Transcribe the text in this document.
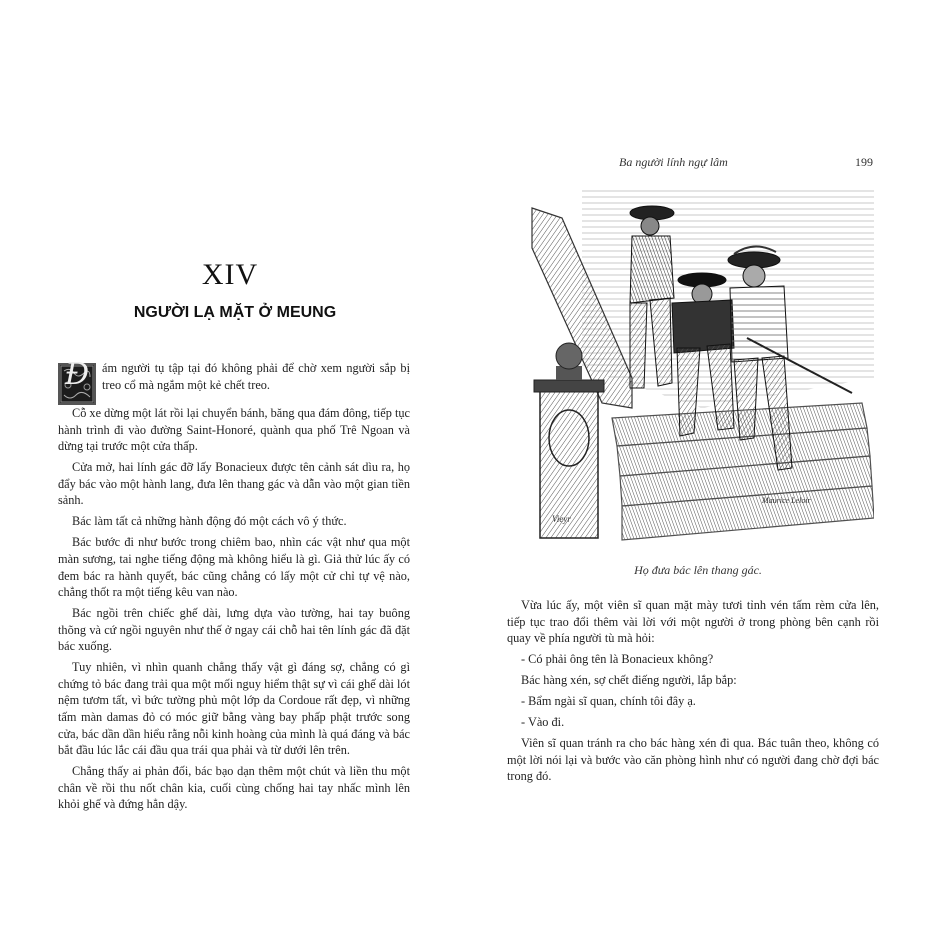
XIV
NGƯỜI LẠ MẶT Ở MEUNG

Đ	ám người tụ tập tại đó không phải để chờ xem người sắp bị treo cổ mà ngắm một kẻ chết treo.

Cỗ xe dừng một lát rồi lại chuyển bánh, băng qua đám đông, tiếp tục hành trình đi vào đường Saint-Honoré, quành qua phố Trê Ngoan và dừng tại trước một cửa thấp.

Cửa mở, hai lính gác đỡ lấy Bonacieux được tên cảnh sát dìu ra, họ đẩy bác vào một hành lang, đưa lên thang gác và dẫn vào một gian tiền sảnh.

Bác làm tất cả những hành động đó một cách vô ý thức.

Bác bước đi như bước trong chiêm bao, nhìn các vật như qua một màn sương, tai nghe tiếng động mà không hiểu là gì. Giả thử lúc ấy có đem bác ra hành quyết, bác cũng chẳng có lấy một cử chỉ tự vệ nào, chẳng thốt ra một tiếng kêu van nào.

Bác ngồi trên chiếc ghế dài, lưng dựa vào tường, hai tay buông thõng và cứ ngồi nguyên như thế ở ngay cái chỗ hai tên lính gác đã đặt bác xuống.

Tuy nhiên, vì nhìn quanh chẳng thấy vật gì đáng sợ, chẳng có gì chứng tỏ bác đang trải qua một mối nguy hiểm thật sự vì cái ghế dài lót nệm tươm tất, vì bức tường phủ một lớp da Cordoue rất đẹp, vì những tấm màn damas đỏ có móc giữ bằng vàng bay phấp phật trước song cửa, bác dần dần hiểu rằng nỗi kinh hoàng của mình là quá đáng và bác bắt đầu lúc lắc cái đầu qua trái qua phải và từ dưới lên trên.

Chẳng thấy ai phản đối, bác bạo dạn thêm một chút và liền thu một chân về rồi thu nốt chân kia, cuối cùng chống hai tay nhấc mình lên khỏi ghế và đứng hẳn dậy.

Ba người lính ngự lâm	199
Vieyr
Maurice Leloir
Họ đưa bác lên thang gác.

Vừa lúc ấy, một viên sĩ quan mặt mày tươi tỉnh vén tấm rèm cửa lên, tiếp tục trao đổi thêm vài lời với một người ở trong phòng bên cạnh rồi quay về phía người tù mà hỏi:

- Có phải ông tên là Bonacieux không?

Bác hàng xén, sợ chết điếng người, lắp bắp:

- Bẩm ngài sĩ quan, chính tôi đây ạ.

- Vào đi.

Viên sĩ quan tránh ra cho bác hàng xén đi qua. Bác tuân theo, không có một lời nói lại và bước vào căn phòng hình như có người đang chờ đợi bác trong đó.
